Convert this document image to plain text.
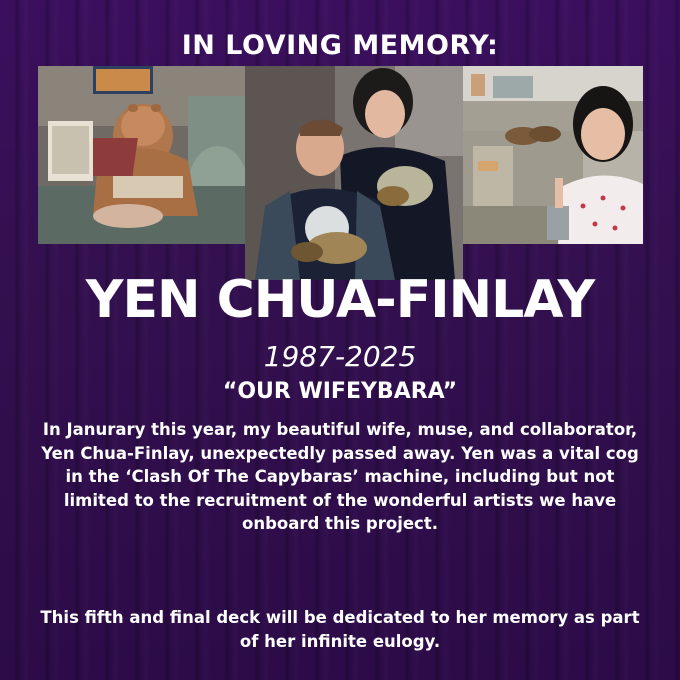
IN LOVING MEMORY:
YEN CHUA-FINLAY
1987-2025
“OUR WIFEYBARA”
In Janurary this year, my beautiful wife, muse, and collaborator, Yen Chua-Finlay, unexpectedly passed away. Yen was a vital cog in the ‘Clash Of The Capybaras’ machine, including but not limited to the recruitment of the wonderful artists we have onboard this project.
This fifth and final deck will be dedicated to her memory as part of her infinite eulogy.
